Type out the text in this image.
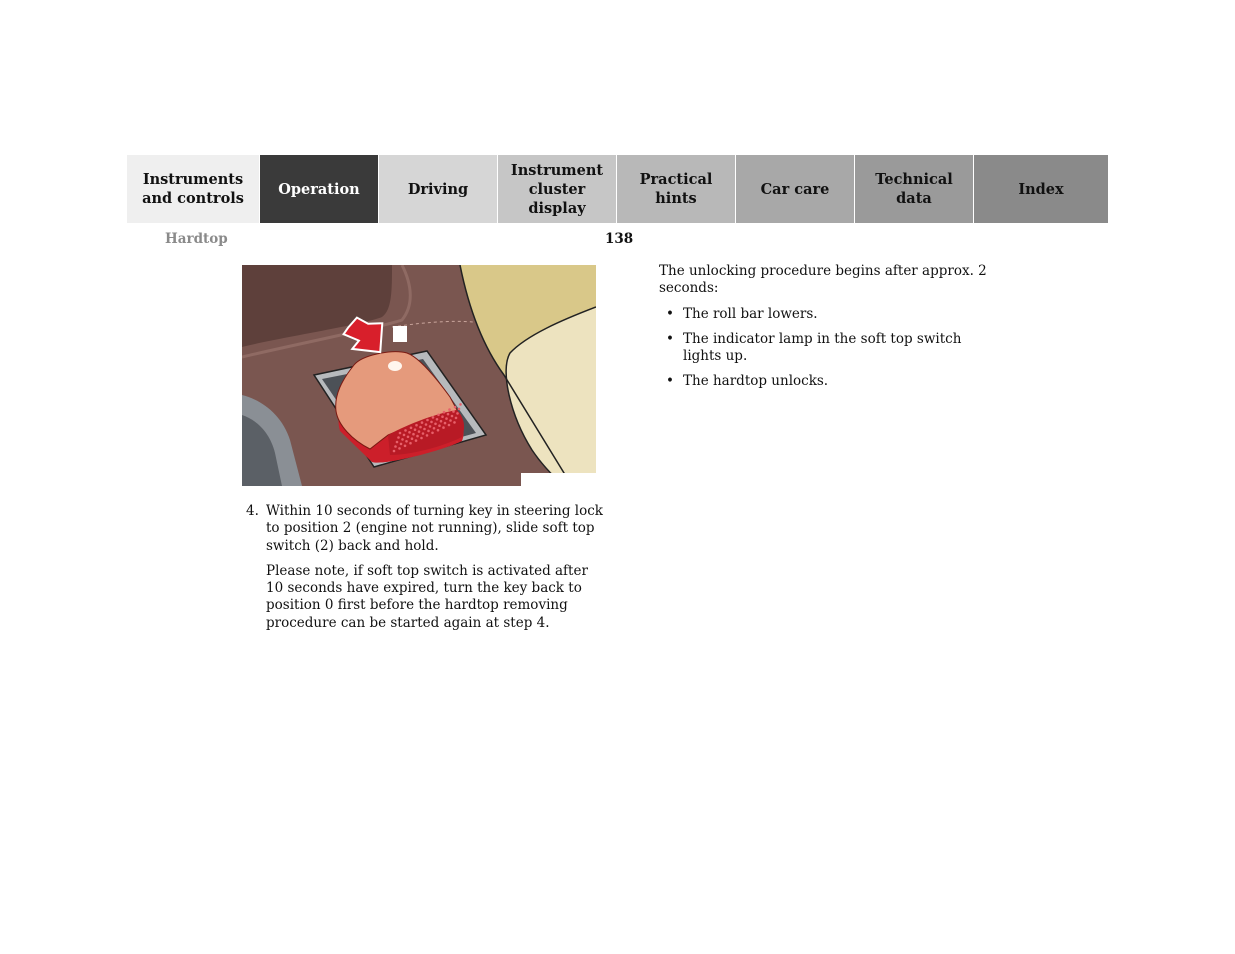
Instruments
and controls
Operation	Driving
Instrument
cluster display
Practical hints
Car care
Technical
data
Index
Hardtop	138
4. Within 10 seconds of turning key in steering lock to position 2 (engine not running), slide soft top switch (2) back and hold.

Please note, if soft top switch is activated after 10 seconds have expired, turn the key back to position 0 first before the hardtop removing procedure can be started again at step 4.

The unlocking procedure begins after approx. 2 seconds:

• The roll bar lowers.
• The indicator lamp in the soft top switch lights up.
• The hardtop unlocks.
